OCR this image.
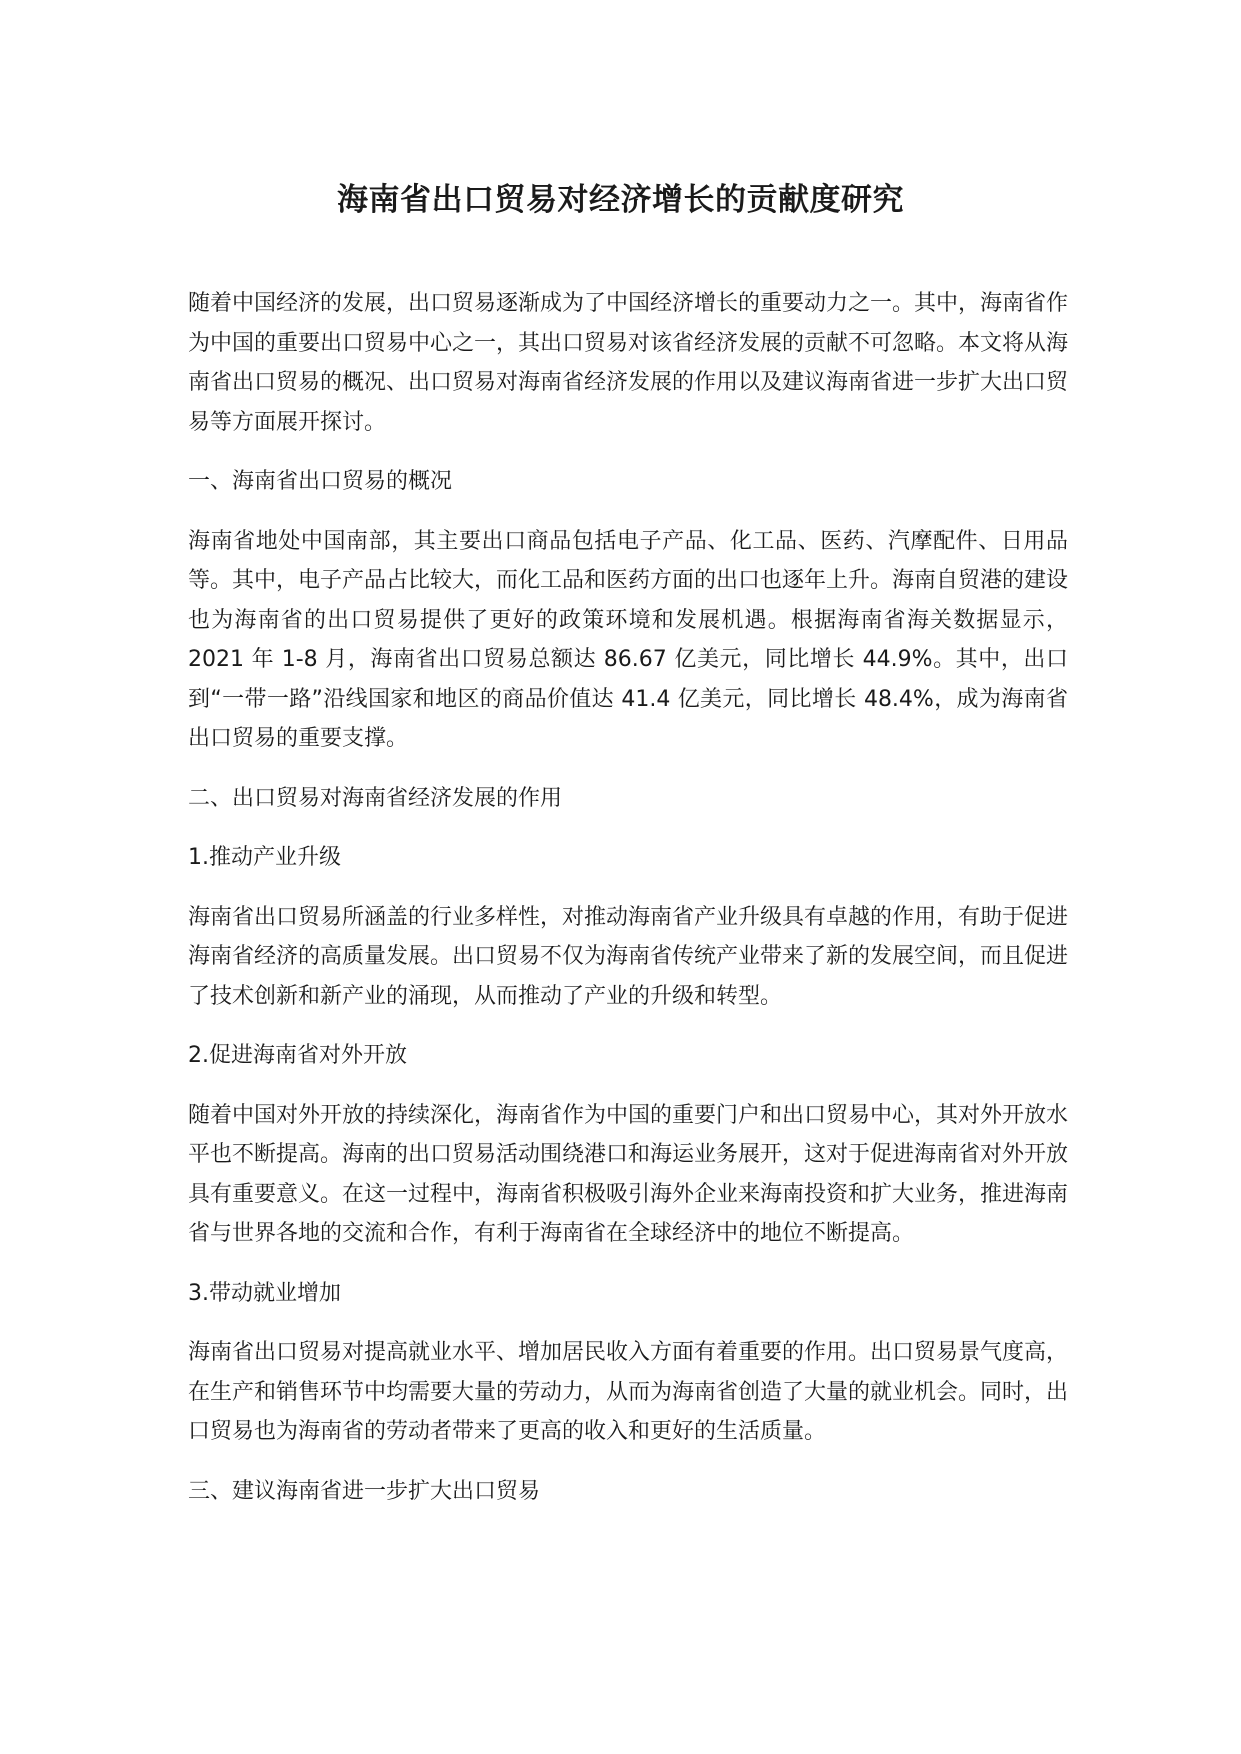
海南省出口贸易对经济增长的贡献度研究

随着中国经济的发展，出口贸易逐渐成为了中国经济增长的重要动力之一。其中，海南省作为中国的重要出口贸易中心之一，其出口贸易对该省经济发展的贡献不可忽略。本文将从海南省出口贸易的概况、出口贸易对海南省经济发展的作用以及建议海南省进一步扩大出口贸易等方面展开探讨。

一、海南省出口贸易的概况

海南省地处中国南部，其主要出口商品包括电子产品、化工品、医药、汽摩配件、日用品等。其中，电子产品占比较大，而化工品和医药方面的出口也逐年上升。海南自贸港的建设也为海南省的出口贸易提供了更好的政策环境和发展机遇。根据海南省海关数据显示，2021 年 1-8 月，海南省出口贸易总额达 86.67 亿美元，同比增长 44.9%。其中，出口到“一带一路”沿线国家和地区的商品价值达 41.4 亿美元，同比增长 48.4%，成为海南省出口贸易的重要支撑。

二、出口贸易对海南省经济发展的作用

1.推动产业升级

海南省出口贸易所涵盖的行业多样性，对推动海南省产业升级具有卓越的作用，有助于促进海南省经济的高质量发展。出口贸易不仅为海南省传统产业带来了新的发展空间，而且促进了技术创新和新产业的涌现，从而推动了产业的升级和转型。

2.促进海南省对外开放

随着中国对外开放的持续深化，海南省作为中国的重要门户和出口贸易中心，其对外开放水平也不断提高。海南的出口贸易活动围绕港口和海运业务展开，这对于促进海南省对外开放具有重要意义。在这一过程中，海南省积极吸引海外企业来海南投资和扩大业务，推进海南省与世界各地的交流和合作，有利于海南省在全球经济中的地位不断提高。

3.带动就业增加

海南省出口贸易对提高就业水平、增加居民收入方面有着重要的作用。出口贸易景气度高，在生产和销售环节中均需要大量的劳动力，从而为海南省创造了大量的就业机会。同时，出口贸易也为海南省的劳动者带来了更高的收入和更好的生活质量。

三、建议海南省进一步扩大出口贸易
